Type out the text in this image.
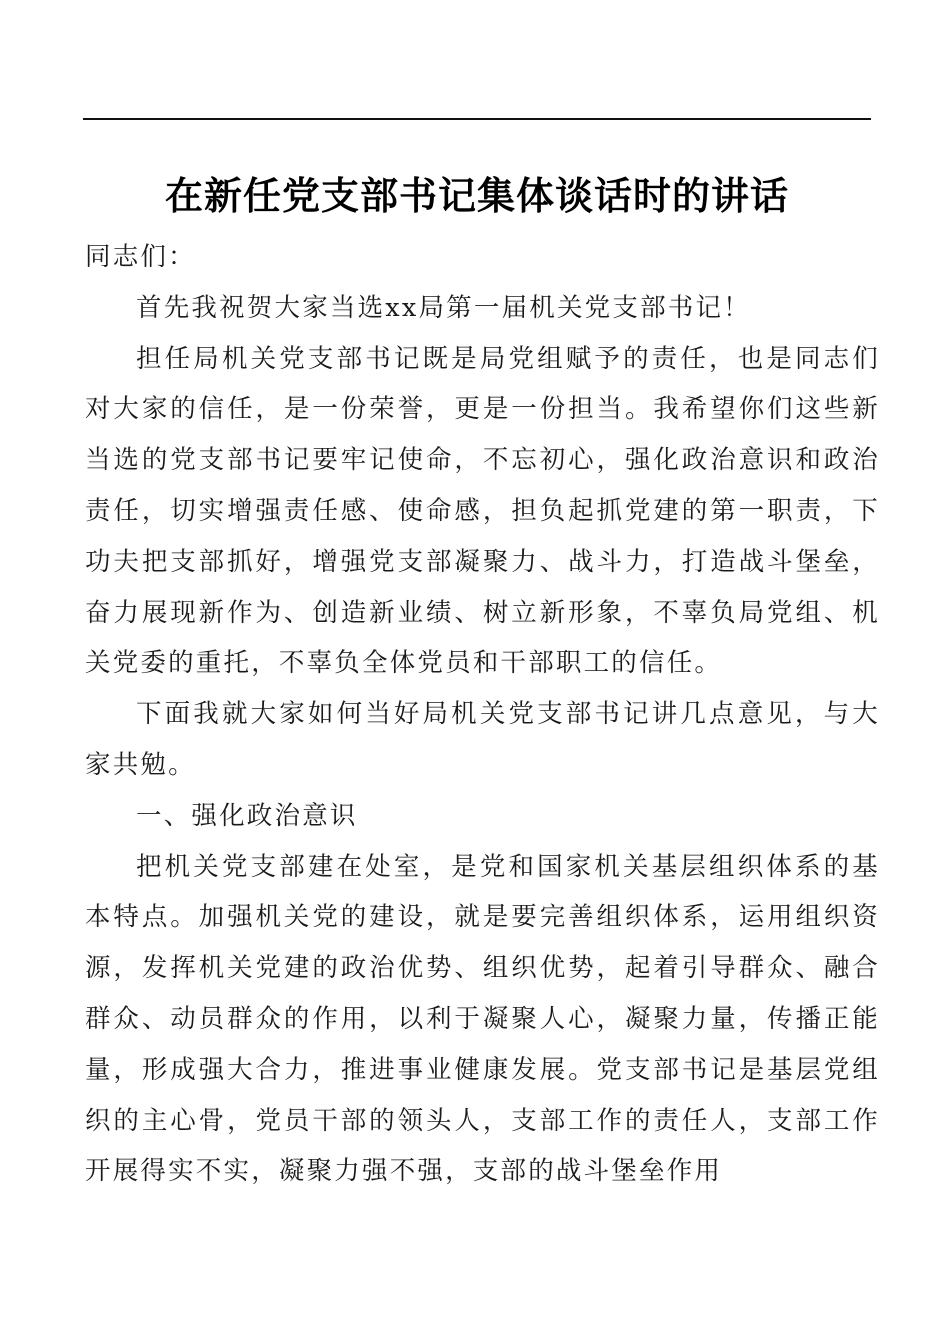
在新任党支部书记集体谈话时的讲话

同志们：

首先我祝贺大家当选xx局第一届机关党支部书记！

担任局机关党支部书记既是局党组赋予的责任，也是同志们对大家的信任，是一份荣誉，更是一份担当。我希望你们这些新当选的党支部书记要牢记使命，不忘初心，强化政治意识和政治责任，切实增强责任感、使命感，担负起抓党建的第一职责，下功夫把支部抓好，增强党支部凝聚力、战斗力，打造战斗堡垒，奋力展现新作为、创造新业绩、树立新形象，不辜负局党组、机关党委的重托，不辜负全体党员和干部职工的信任。

下面我就大家如何当好局机关党支部书记讲几点意见，与大家共勉。

一、强化政治意识

把机关党支部建在处室，是党和国家机关基层组织体系的基本特点。加强机关党的建设，就是要完善组织体系，运用组织资源，发挥机关党建的政治优势、组织优势，起着引导群众、融合群众、动员群众的作用，以利于凝聚人心，凝聚力量，传播正能量，形成强大合力，推进事业健康发展。党支部书记是基层党组织的主心骨，党员干部的领头人，支部工作的责任人，支部工作开展得实不实，凝聚力强不强，支部的战斗堡垒作用
